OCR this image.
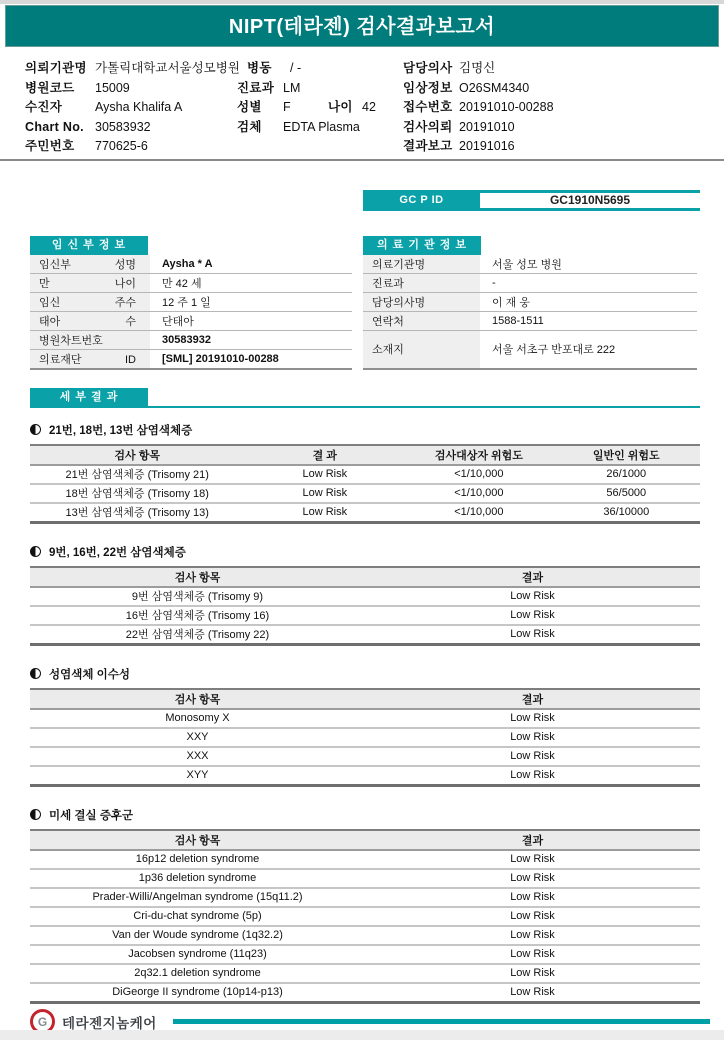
NIPT(테라젠) 검사결과보고서
의뢰기관명 가톨릭대학교서울성모병원 병동 / -	담당의사 김명신
병원코드 15009	진료과 LM	임상정보 O26SM4340
수진자	Aysha Khalifa A	성별 F	나이 42 접수번호 20191010-00288
Chart No. 30583932	검체 EDTA Plasma	검사의뢰 20191010
주민번호 770625-6	결과보고 20191016
GC P ID	GC1910N5695
임 신 부 정 보
임신부 성명	Aysha * A
만 나이	만 42 세
임신 주수	12 주 1 일
태아 수	단태아
병원차트번호	30583932
의료재단 ID	[SML] 20191010-00288
의 료 기 관 정 보
의료기관명	서울 성모 병원
진료과	-
담당의사명	이 재 웅
연락처	1588-1511
소재지	서울 서초구 반포대로 222
세 부 결 과
21번, 18번, 13번 삼염색체증
검사 항목	결 과	검사대상자 위험도	일반인 위험도
21번 삼염색체증 (Trisomy 21)	Low Risk	<1/10,000	26/1000
18번 삼염색체증 (Trisomy 18)	Low Risk	<1/10,000	56/5000
13번 삼염색체증 (Trisomy 13)	Low Risk	<1/10,000	36/10000
9번, 16번, 22번 삼염색체증
검사 항목	결과
9번 삼염색체증 (Trisomy 9)	Low Risk
16번 삼염색체증 (Trisomy 16)	Low Risk
22번 삼염색체증 (Trisomy 22)	Low Risk
성염색체 이수성
검사 항목	결과
Monosomy X	Low Risk
XXY	Low Risk
XXX	Low Risk
XYY	Low Risk
미세 결실 증후군
검사 항목	결과
16p12 deletion syndrome	Low Risk
1p36 deletion syndrome	Low Risk
Prader-Willi/Angelman syndrome (15q11.2)	Low Risk
Cri-du-chat syndrome (5p)	Low Risk
Van der Woude syndrome (1q32.2)	Low Risk
Jacobsen syndrome (11q23)	Low Risk
2q32.1 deletion syndrome	Low Risk
DiGeorge II syndrome (10p14-p13)	Low Risk
G 테라젠지놈케어
